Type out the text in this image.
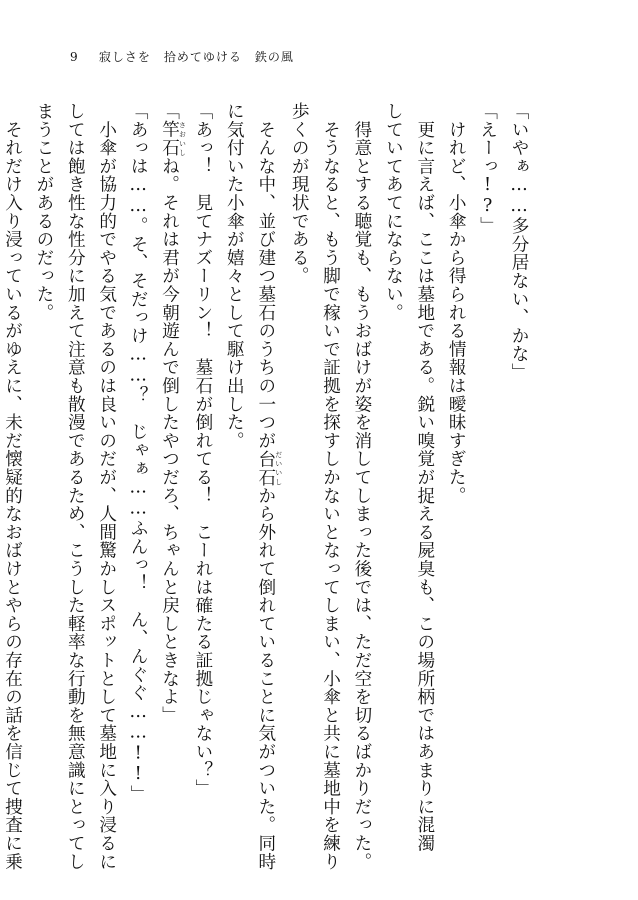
9 寂しさを　拾めてゆける　鉄の風

「いやぁ……多分居ない、かな」

「えーっ!?」

　けれど、小傘から得られる情報は曖昧すぎた。

　更に言えば、ここは墓地である。鋭い嗅覚が捉える屍臭も、この場所柄ではあまりに混濁

していてあてにならない。

　得意とする聴覚も、もうおばけが姿を消してしまった後では、ただ空を切るばかりだった。

　そうなると、もう脚で稼いで証拠を探すしかないとなってしまい、小傘と共に墓地中を練り

歩くのが現状である。

　そんな中、並び建つ墓石のうちの一つが台石 だいいしから外れて倒れていることに気がついた。同時

に気付いた小傘が嬉々として駆け出した。

「あっ！　見てナズーリン！　墓石が倒れてる！　こーれは確たる証拠じゃない？」

「竿石 さおいしね。それは君が今朝遊んで倒したやつだろ、ちゃんと戻しときなよ」

「あっは……。そ、そだっけ……？　じゃぁ……ふんっ！　ん、んぐぐ……!!」

　小傘が協力的でやる気であるのは良いのだが、人間驚かしスポットとして墓地に入り浸るに

しては飽き性な性分に加えて注意も散漫であるため、こうした軽率な行動を無意識にとってし

まうことがあるのだった。

　それだけ入り浸っているがゆえに、未だ懐疑的なおばけとやらの存在の話を信じて捜査に乗
